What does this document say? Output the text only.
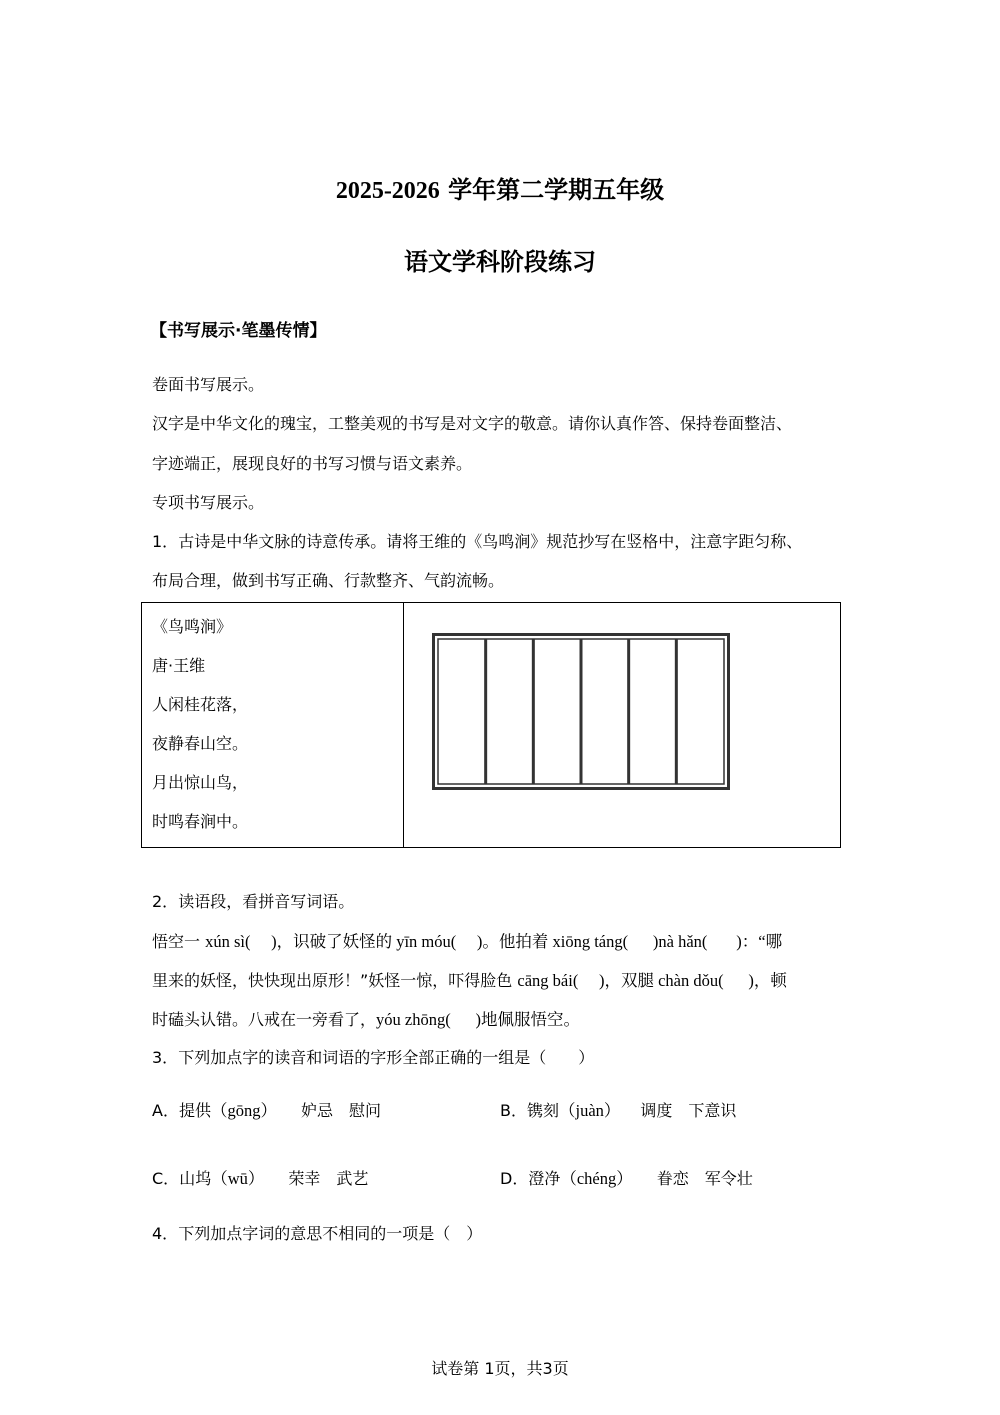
2025-2026 学年第二学期五年级
语文学科阶段练习
【书写展示·笔墨传情】
卷面书写展示。
汉字是中华文化的瑰宝，工整美观的书写是对文字的敬意。请你认真作答、保持卷面整洁、
字迹端正，展现良好的书写习惯与语文素养。
专项书写展示。
1．古诗是中华文脉的诗意传承。请将王维的《鸟鸣涧》规范抄写在竖格中，注意字距匀称、
布局合理，做到书写正确、行款整齐、气韵流畅。
《鸟鸣涧》
唐·王维
人闲桂花落，
夜静春山空。
月出惊山鸟，
时鸣春涧中。
2．读语段，看拼音写词语。
悟空一 xún sì(     )，识破了妖怪的 yīn móu(     )。他拍着 xiōng táng(      )nà hǎn(       )：“哪
里来的妖怪，快快现出原形！”妖怪一惊，吓得脸色 cāng bái(     )，双腿 chàn dǒu(      )，顿
时磕头认错。八戒在一旁看了，yóu zhōng(      )地佩服悟空。
3．下列加点字的读音和词语的字形全部正确的一组是（　　）
A．提供（gōng） 妒忌　慰问	B．镌刻（juàn） 调度　下意识
C．山坞（wū） 荣幸　武艺	D．澄净（chéng） 眷恋　军令壮
4．下列加点字词的意思不相同的一项是（　）
试卷第 1页，共3页
